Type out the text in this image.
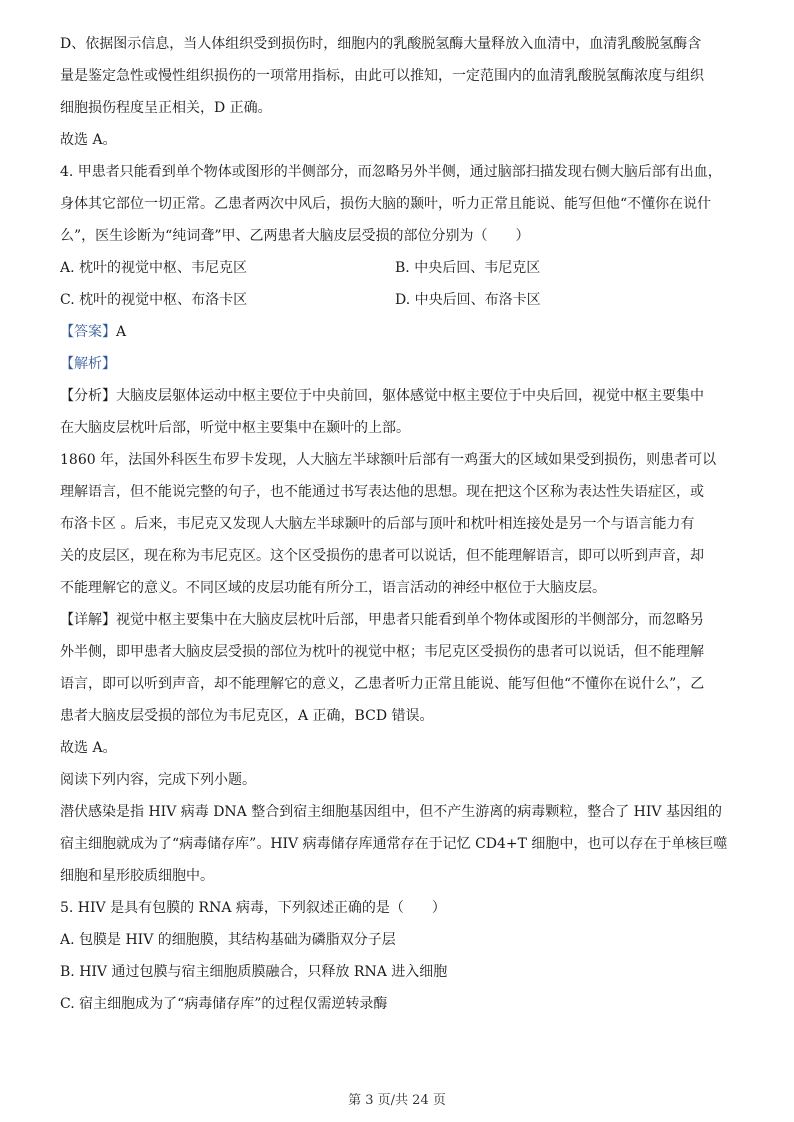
D、依据图示信息，当人体组织受到损伤时，细胞内的乳酸脱氢酶大量释放入血清中，血清乳酸脱氢酶含
量是鉴定急性或慢性组织损伤的一项常用指标，由此可以推知，一定范围内的血清乳酸脱氢酶浓度与组织
细胞损伤程度呈正相关，D 正确。
故选 A。
4. 甲患者只能看到单个物体或图形的半侧部分，而忽略另外半侧，通过脑部扫描发现右侧大脑后部有出血，
身体其它部位一切正常。乙患者两次中风后，损伤大脑的颞叶，听力正常且能说、能写但他“不懂你在说什
么”，医生诊断为“纯词聋”甲、乙两患者大脑皮层受损的部位分别为（　　）
A. 枕叶的视觉中枢、韦尼克区	B. 中央后回、韦尼克区
C. 枕叶的视觉中枢、布洛卡区	D. 中央后回、布洛卡区
【答案】A
【解析】
【分析】大脑皮层躯体运动中枢主要位于中央前回，躯体感觉中枢主要位于中央后回，视觉中枢主要集中
在大脑皮层枕叶后部，听觉中枢主要集中在颞叶的上部。
1860 年，法国外科医生布罗卡发现，人大脑左半球额叶后部有一鸡蛋大的区域如果受到损伤，则患者可以
理解语言，但不能说完整的句子，也不能通过书写表达他的思想。现在把这个区称为表达性失语症区，或
布洛卡区 。后来，韦尼克又发现人大脑左半球颞叶的后部与顶叶和枕叶相连接处是另一个与语言能力有
关的皮层区，现在称为韦尼克区。这个区受损伤的患者可以说话，但不能理解语言，即可以听到声音，却
不能理解它的意义。不同区域的皮层功能有所分工，语言活动的神经中枢位于大脑皮层。
【详解】视觉中枢主要集中在大脑皮层枕叶后部，甲患者只能看到单个物体或图形的半侧部分，而忽略另
外半侧，即甲患者大脑皮层受损的部位为枕叶的视觉中枢；韦尼克区受损伤的患者可以说话，但不能理解
语言，即可以听到声音，却不能理解它的意义，乙患者听力正常且能说、能写但他“不懂你在说什么”，乙
患者大脑皮层受损的部位为韦尼克区，A 正确，BCD 错误。
故选 A。
阅读下列内容，完成下列小题。
潜伏感染是指 HIV 病毒 DNA 整合到宿主细胞基因组中，但不产生游离的病毒颗粒，整合了 HIV 基因组的
宿主细胞就成为了“病毒储存库”。HIV 病毒储存库通常存在于记忆 CD4+T 细胞中，也可以存在于单核巨噬
细胞和星形胶质细胞中。
5. HIV 是具有包膜的 RNA 病毒，下列叙述正确的是（　　）
A. 包膜是 HIV 的细胞膜，其结构基础为磷脂双分子层
B. HIV 通过包膜与宿主细胞质膜融合，只释放 RNA 进入细胞
C. 宿主细胞成为了“病毒储存库”的过程仅需逆转录酶
第 3 页/共 24 页
